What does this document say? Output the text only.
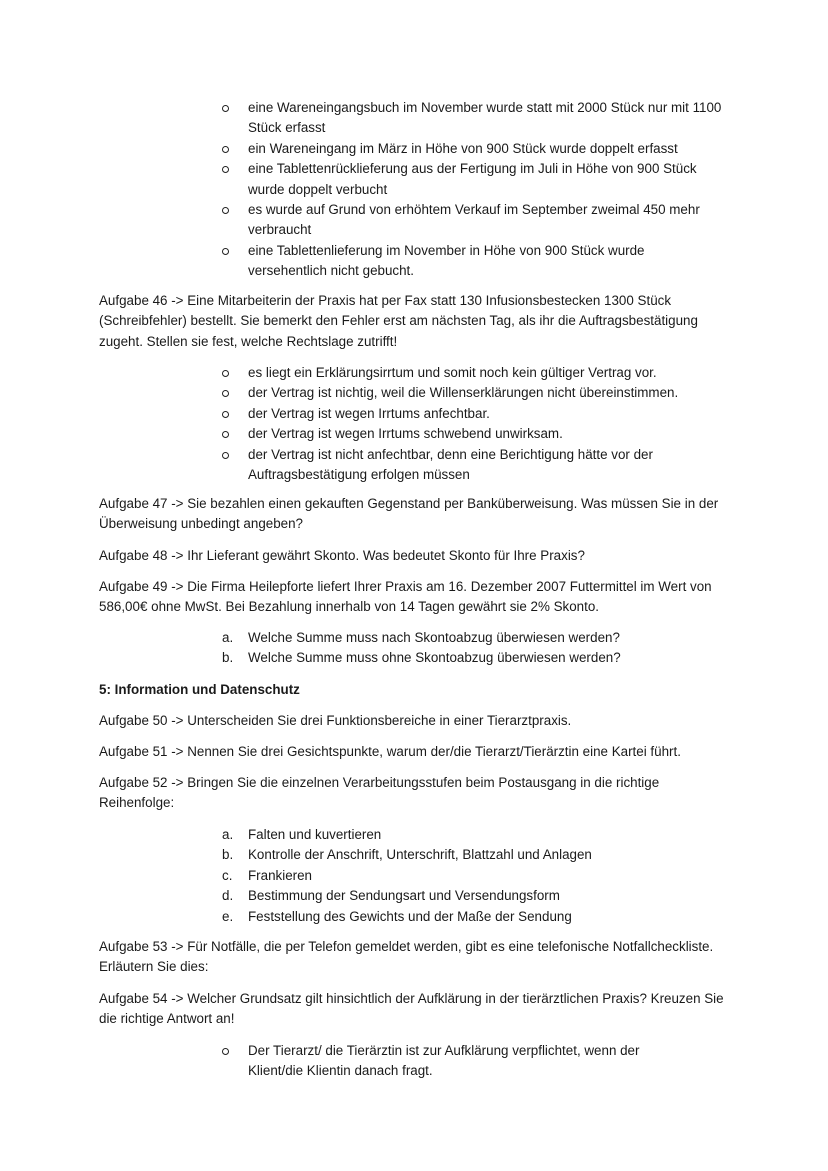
eine Wareneingangsbuch im November wurde statt mit 2000 Stück nur mit 1100 Stück erfasst
ein Wareneingang im März in Höhe von 900 Stück wurde doppelt erfasst
eine Tablettenrücklieferung aus der Fertigung im Juli in Höhe von 900 Stück wurde doppelt verbucht
es wurde auf Grund von erhöhtem Verkauf im September zweimal 450 mehr verbraucht
eine Tablettenlieferung im November in Höhe von 900 Stück wurde versehentlich nicht gebucht.

Aufgabe 46 -> Eine Mitarbeiterin der Praxis hat per Fax statt 130 Infusionsbestecken 1300 Stück (Schreibfehler) bestellt. Sie bemerkt den Fehler erst am nächsten Tag, als ihr die Auftragsbestätigung zugeht. Stellen sie fest, welche Rechtslage zutrifft!

es liegt ein Erklärungsirrtum und somit noch kein gültiger Vertrag vor.
der Vertrag ist nichtig, weil die Willenserklärungen nicht übereinstimmen.
der Vertrag ist wegen Irrtums anfechtbar.
der Vertrag ist wegen Irrtums schwebend unwirksam.
der Vertrag ist nicht anfechtbar, denn eine Berichtigung hätte vor der Auftragsbestätigung erfolgen müssen

Aufgabe 47 -> Sie bezahlen einen gekauften Gegenstand per Banküberweisung. Was müssen Sie in der Überweisung unbedingt angeben?

Aufgabe 48 -> Ihr Lieferant gewährt Skonto. Was bedeutet Skonto für Ihre Praxis?

Aufgabe 49 -> Die Firma Heilepforte liefert Ihrer Praxis am 16. Dezember 2007 Futtermittel im Wert von 586,00€ ohne MwSt. Bei Bezahlung innerhalb von 14 Tagen gewährt sie 2% Skonto.

a.	Welche Summe muss nach Skontoabzug überwiesen werden?
b.	Welche Summe muss ohne Skontoabzug überwiesen werden?

5: Information und Datenschutz

Aufgabe 50 -> Unterscheiden Sie drei Funktionsbereiche in einer Tierarztpraxis.

Aufgabe 51 -> Nennen Sie drei Gesichtspunkte, warum der/die Tierarzt/Tierärztin eine Kartei führt.

Aufgabe 52 -> Bringen Sie die einzelnen Verarbeitungsstufen beim Postausgang in die richtige Reihenfolge:

a.	Falten und kuvertieren
b.	Kontrolle der Anschrift, Unterschrift, Blattzahl und Anlagen
c.	Frankieren
d.	Bestimmung der Sendungsart und Versendungsform
e.	Feststellung des Gewichts und der Maße der Sendung

Aufgabe 53 -> Für Notfälle, die per Telefon gemeldet werden, gibt es eine telefonische Notfallcheckliste. Erläutern Sie dies:

Aufgabe 54 -> Welcher Grundsatz gilt hinsichtlich der Aufklärung in der tierärztlichen Praxis? Kreuzen Sie die richtige Antwort an!

Der Tierarzt/ die Tierärztin ist zur Aufklärung verpflichtet, wenn der Klient/die Klientin danach fragt.
